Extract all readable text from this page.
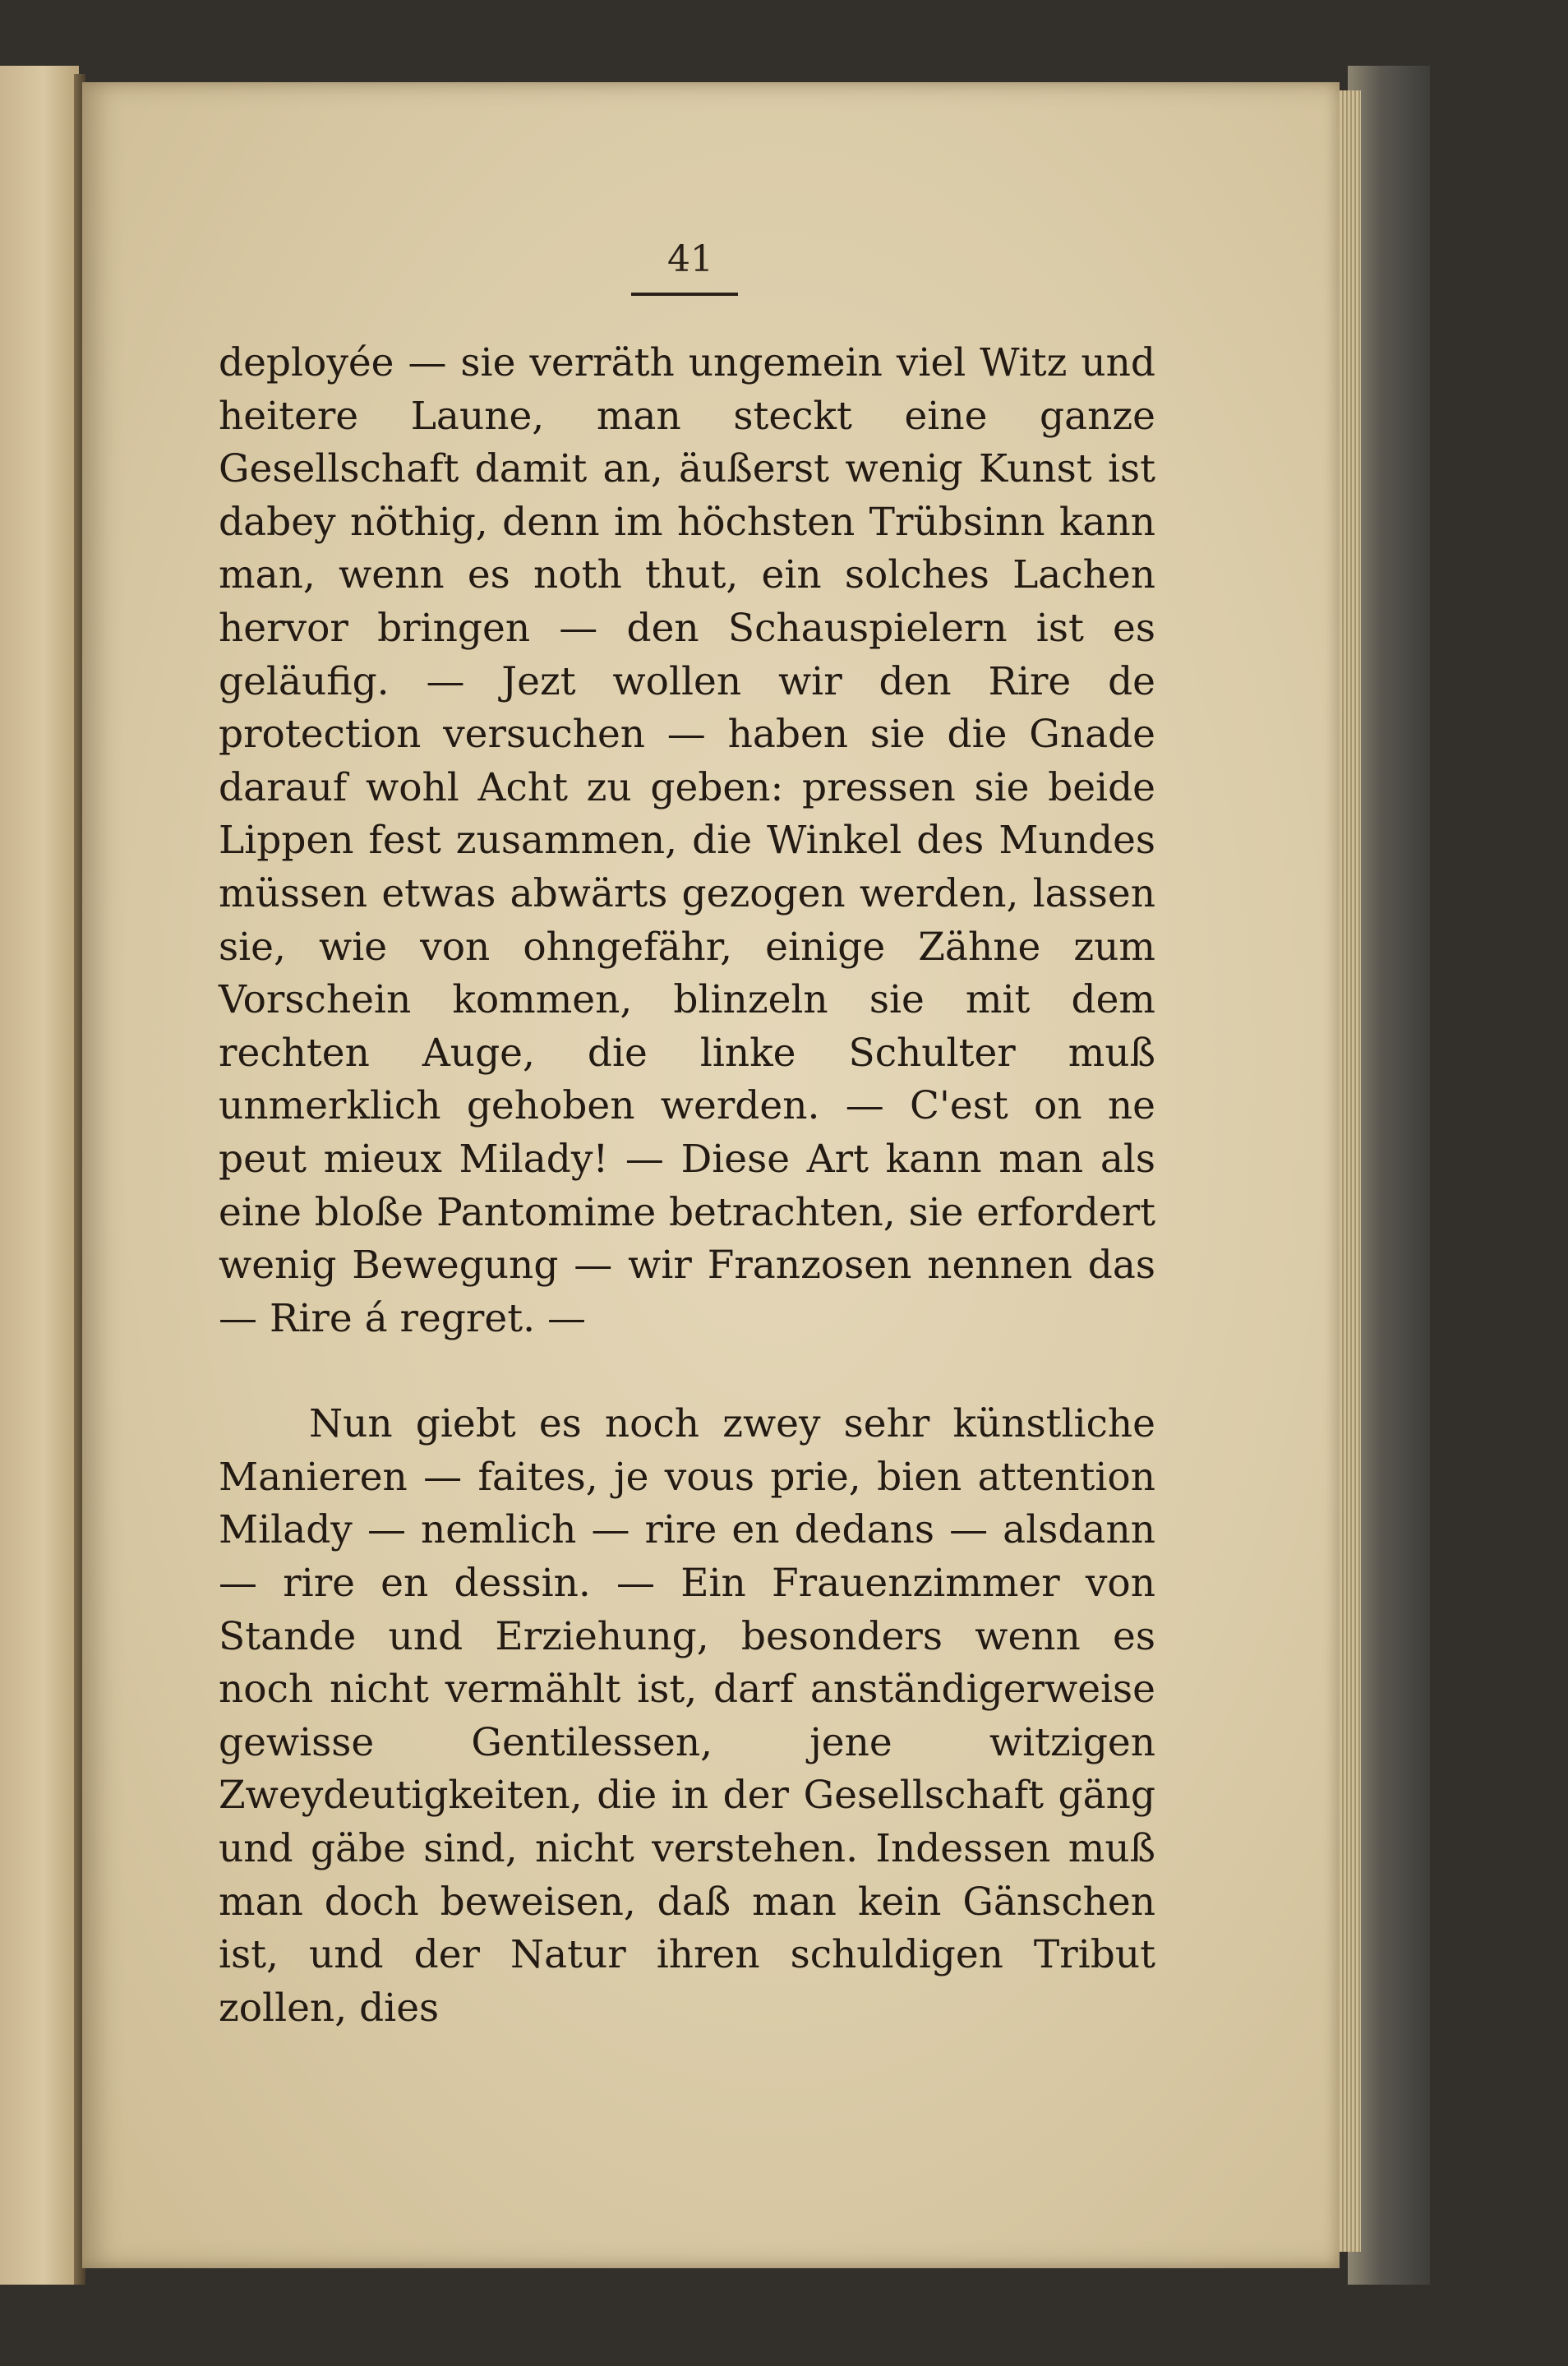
41

deployée — sie verräth ungemein viel Witz und heitere Laune, man steckt eine ganze Gesellschaft damit an, äußerst wenig Kunst ist dabey nöthig, denn im höchsten Trübsinn kann man, wenn es noth thut, ein solches Lachen hervor bringen — den Schauspielern ist es geläufig. — Jezt wollen wir den Rire de protection versuchen — haben sie die Gnade darauf wohl Acht zu geben: pressen sie beide Lippen fest zusammen, die Winkel des Mundes müssen etwas abwärts gezogen werden, lassen sie, wie von ohngefähr, einige Zähne zum Vorschein kommen, blinzeln sie mit dem rechten Auge, die linke Schulter muß unmerklich gehoben werden. — C'est on ne peut mieux Milady! — Diese Art kann man als eine bloße Pantomime betrachten, sie erfordert wenig Bewegung — wir Franzosen nennen das — Rire á regret. —

Nun giebt es noch zwey sehr künstliche Manieren — faites, je vous prie, bien attention Milady — nemlich — rire en dedans — alsdann — rire en dessin. — Ein Frauenzimmer von Stande und Erziehung, besonders wenn es noch nicht vermählt ist, darf anständigerweise gewisse Gentilessen, jene witzigen Zweydeutigkeiten, die in der Gesellschaft gäng und gäbe sind, nicht verstehen. Indessen muß man doch beweisen, daß man kein Gänschen ist, und der Natur ihren schuldigen Tribut zollen, dies
